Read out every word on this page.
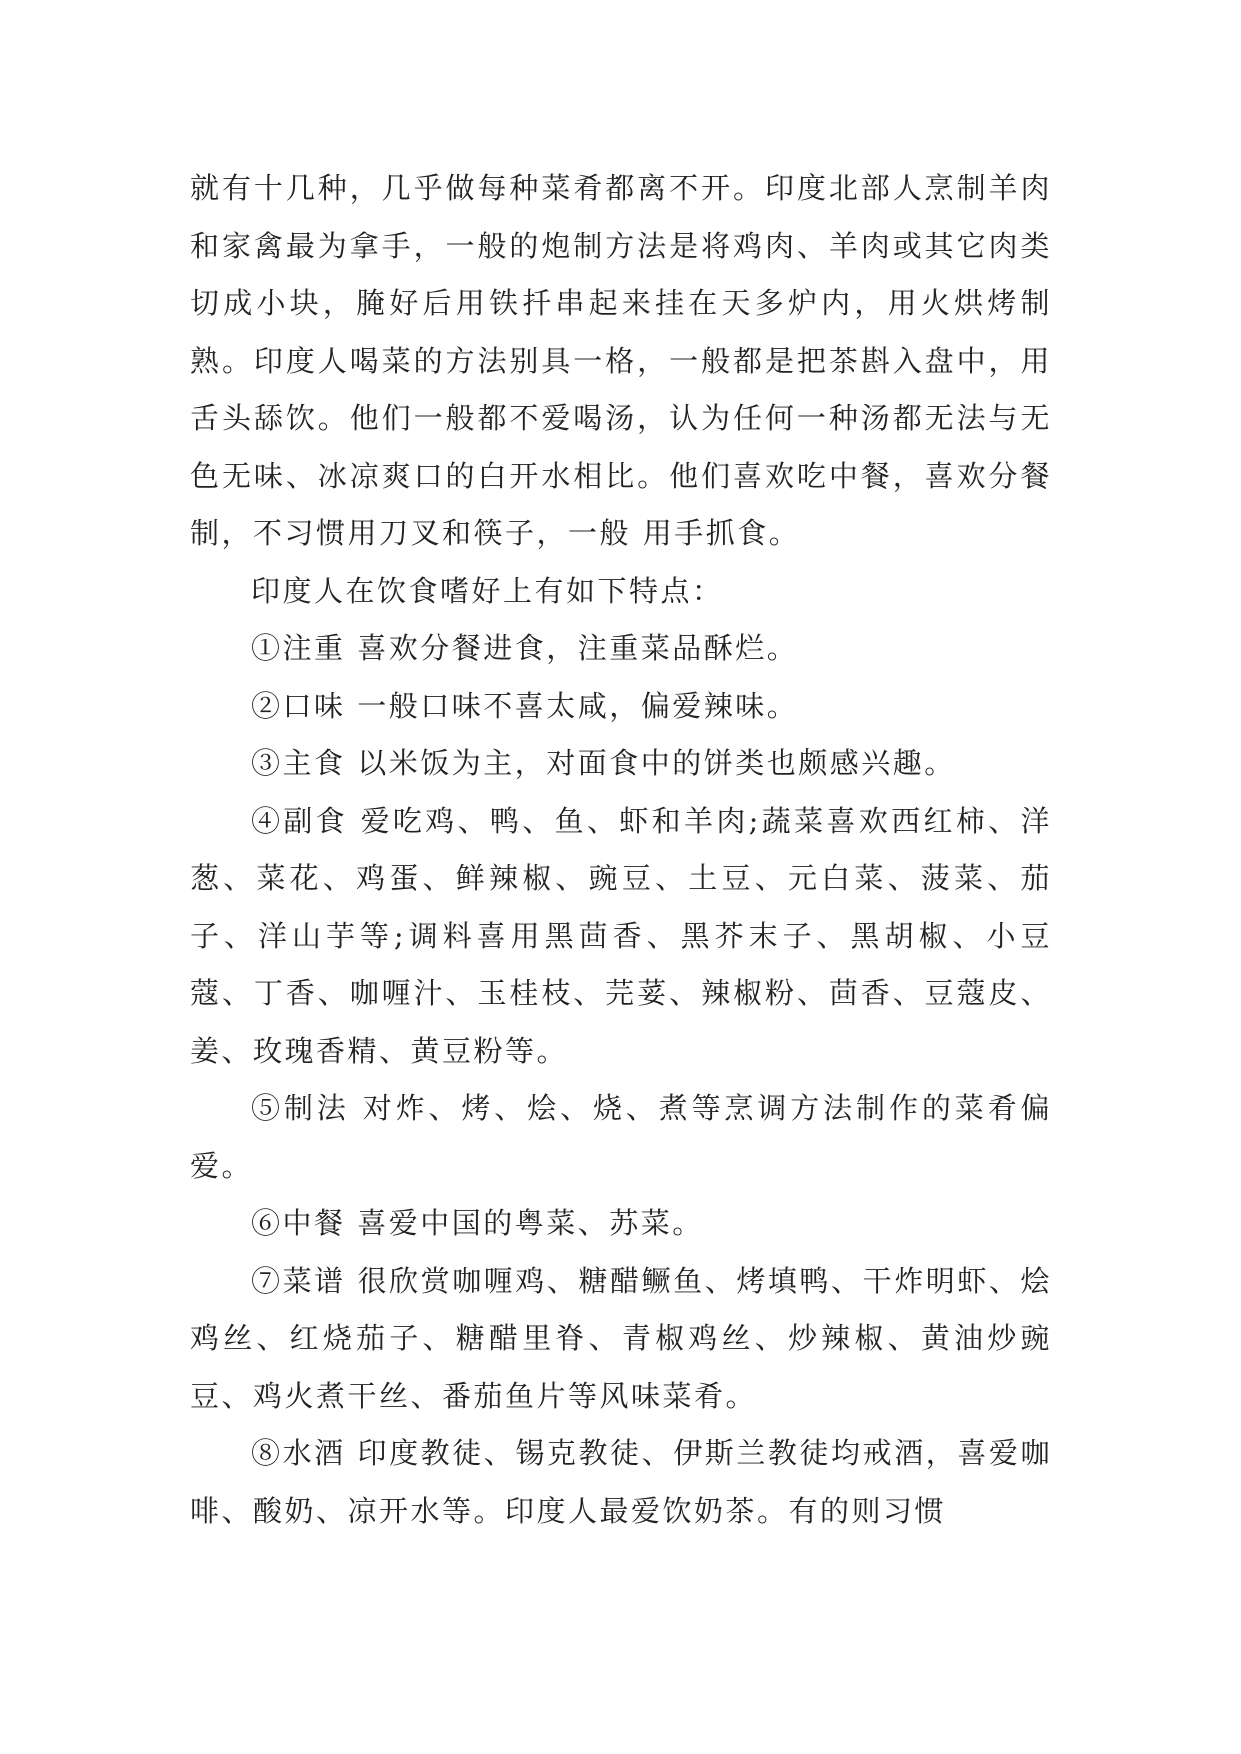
就有十几种，几乎做每种菜肴都离不开。印度北部人烹制羊肉和家禽最为拿手，一般的炮制方法是将鸡肉、羊肉或其它肉类切成小块，腌好后用铁扦串起来挂在天多炉内，用火烘烤制熟。印度人喝菜的方法别具一格，一般都是把茶斟入盘中，用舌头舔饮。他们一般都不爱喝汤，认为任何一种汤都无法与无色无味、冰凉爽口的白开水相比。他们喜欢吃中餐，喜欢分餐制，不习惯用刀叉和筷子，一般 用手抓食。

印度人在饮食嗜好上有如下特点：

①注重 喜欢分餐进食，注重菜品酥烂。

②口味 一般口味不喜太咸，偏爱辣味。

③主食 以米饭为主，对面食中的饼类也颇感兴趣。

④副食 爱吃鸡、鸭、鱼、虾和羊肉;蔬菜喜欢西红柿、洋葱、菜花、鸡蛋、鲜辣椒、豌豆、土豆、元白菜、菠菜、茄子、洋山芋等;调料喜用黑茴香、黑芥末子、黑胡椒、小豆蔻、丁香、咖喱汁、玉桂枝、芫荽、辣椒粉、茴香、豆蔻皮、姜、玫瑰香精、黄豆粉等。

⑤制法 对炸、烤、烩、烧、煮等烹调方法制作的菜肴偏爱。

⑥中餐 喜爱中国的粤菜、苏菜。

⑦菜谱 很欣赏咖喱鸡、糖醋鳜鱼、烤填鸭、干炸明虾、烩鸡丝、红烧茄子、糖醋里脊、青椒鸡丝、炒辣椒、黄油炒豌豆、鸡火煮干丝、番茄鱼片等风味菜肴。

⑧水酒 印度教徒、锡克教徒、伊斯兰教徒均戒酒，喜爱咖啡、酸奶、凉开水等。印度人最爱饮奶茶。有的则习惯
